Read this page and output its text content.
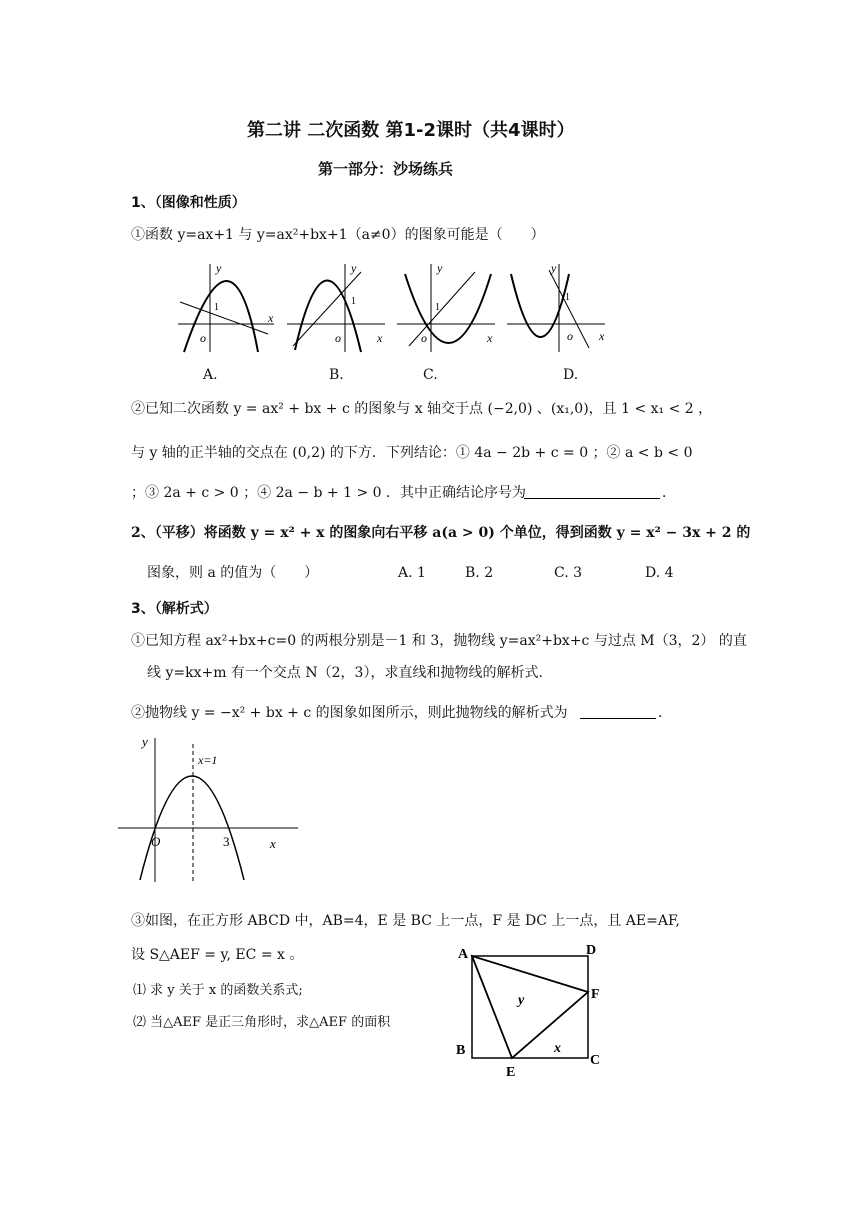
第二讲 二次函数 第1-2课时（共4课时）
第一部分：沙场练兵
1、（图像和性质）
①函数 y=ax+1 与 y=ax²+bx+1（a≠0）的图象可能是（　　）
y
1
o
x
y
1
o	x
y
1
o	x
y
1
o x
A.	B.	C.	D.
②已知二次函数 y = ax² + bx + c 的图象与 x 轴交于点 (−2,0) 、(x₁,0)，且 1 < x₁ < 2 ，
与 y 轴的正半轴的交点在 (0,2) 的下方．下列结论：① 4a − 2b + c = 0 ；② a < b < 0
；③ 2a + c > 0 ；④ 2a − b + 1 > 0 ．其中正确结论序号为	．
2、（平移）将函数 y = x² + x 的图象向右平移 a(a > 0) 个单位，得到函数 y = x² − 3x + 2 的
图象，则 a 的值为（　　）	A. 1	B. 2	C. 3	D. 4
3、（解析式）
①已知方程 ax²+bx+c=0 的两根分别是－1 和 3，抛物线 y=ax²+bx+c 与过点 M（3，2） 的直
线 y=kx+m 有一个交点 N（2，3），求直线和抛物线的解析式.
②抛物线 y = −x² + bx + c 的图象如图所示，则此抛物线的解析式为	．
y
x=1
O	3	x
③如图，在正方形 ABCD 中，AB=4，E 是 BC 上一点，F 是 DC 上一点，且 AE=AF,
设 S△AEF = y, EC = x 。
⑴ 求 y 关于 x 的函数关系式;
⑵ 当△AEF 是正三角形时，求△AEF 的面积
A	D
F
B
E
C
y
x
